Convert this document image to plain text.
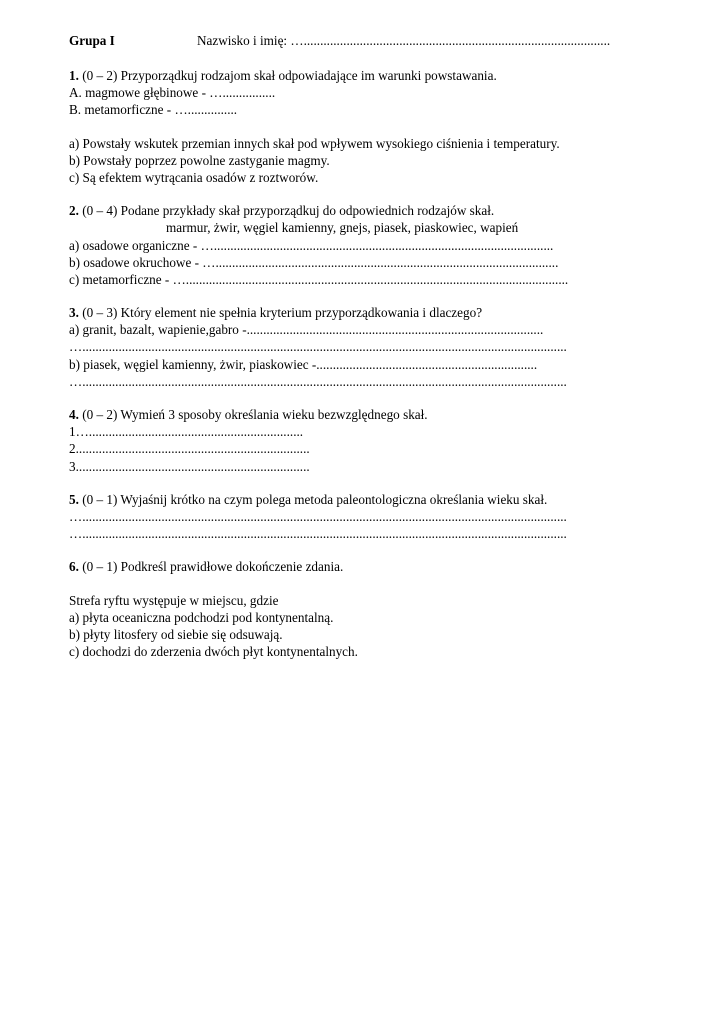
Grupa I	Nazwisko i imię: ….............................................................................................
1. (0 – 2) Przyporządkuj rodzajom skał odpowiadające im warunki powstawania.
A. magmowe głębinowe - …................
B. metamorficzne - …...............
a) Powstały wskutek przemian innych skał pod wpływem wysokiego ciśnienia i temperatury.
b) Powstały poprzez powolne zastyganie magmy.
c) Są efektem wytrącania osadów z roztworów.
2. (0 – 4) Podane przykłady skał przyporządkuj do odpowiednich rodzajów skał.
marmur, żwir, węgiel kamienny, gnejs, piasek, piaskowiec, wapień
a) osadowe organiczne - ….......................................................................................................
b) osadowe okruchowe - …........................................................................................................
c) metamorficzne - …....................................................................................................................
3. (0 – 3) Który element nie spełnia kryterium przyporządkowania i dlaczego?
a) granit, bazalt, wapienie,gabro -..........................................................................................
…...................................................................................................................................................
b) piasek, węgiel kamienny, żwir, piaskowiec -...................................................................
…...................................................................................................................................................
4. (0 – 2) Wymień 3 sposoby określania wieku bezwzględnego skał.
1….................................................................
2.......................................................................
3.......................................................................
5. (0 – 1) Wyjaśnij krótko na czym polega metoda paleontologiczna określania wieku skał.
…...................................................................................................................................................
…...................................................................................................................................................
6. (0 – 1) Podkreśl prawidłowe dokończenie zdania.
Strefa ryftu występuje w miejscu, gdzie
a) płyta oceaniczna podchodzi pod kontynentalną.
b) płyty litosfery od siebie się odsuwają.
c) dochodzi do zderzenia dwóch płyt kontynentalnych.
